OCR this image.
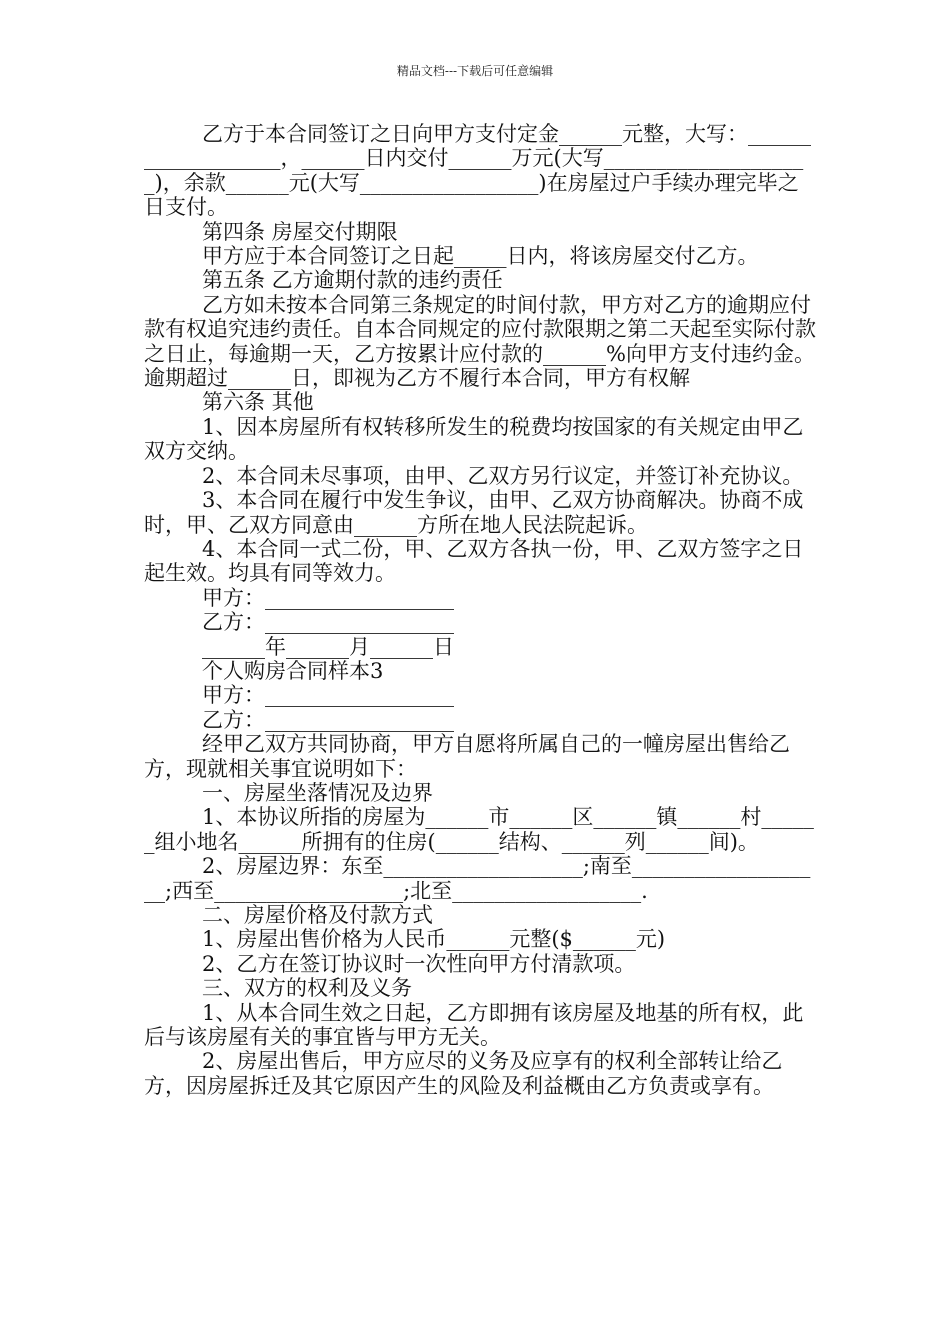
精品文档---下载后可任意编辑

乙方于本合同签订之日向甲方支付定金______元整，大写：___________________，______日内交付______万元(大写____________________)，余款______元(大写_________________)在房屋过户手续办理完毕之日支付。

第四条 房屋交付期限

甲方应于本合同签订之日起_____日内，将该房屋交付乙方。

第五条 乙方逾期付款的违约责任

乙方如未按本合同第三条规定的时间付款，甲方对乙方的逾期应付款有权追究违约责任。自本合同规定的应付款限期之第二天起至实际付款之日止，每逾期一天，乙方按累计应付款的______%向甲方支付违约金。逾期超过______日，即视为乙方不履行本合同，甲方有权解

第六条 其他

1、因本房屋所有权转移所发生的税费均按国家的有关规定由甲乙双方交纳。

2、本合同未尽事项，由甲、乙双方另行议定，并签订补充协议。

3、本合同在履行中发生争议，由甲、乙双方协商解决。协商不成时，甲、乙双方同意由______方所在地人民法院起诉。

4、本合同一式二份，甲、乙双方各执一份，甲、乙双方签字之日起生效。均具有同等效力。

甲方：__________________

乙方：__________________

______年______月______日

个人购房合同样本3

甲方：__________________

乙方：__________________

经甲乙双方共同协商，甲方自愿将所属自己的一幢房屋出售给乙方，现就相关事宜说明如下：

一、房屋坐落情况及边界

1、本协议所指的房屋为______市______区______镇______村______组小地名______所拥有的住房(______结构、______列______间)。

2、房屋边界：东至___________________;南至___________________;西至__________________;北至__________________.

二、房屋价格及付款方式

1、房屋出售价格为人民币______元整($______元)

2、乙方在签订协议时一次性向甲方付清款项。

三、双方的权利及义务

1、从本合同生效之日起，乙方即拥有该房屋及地基的所有权，此后与该房屋有关的事宜皆与甲方无关。

2、房屋出售后，甲方应尽的义务及应享有的权利全部转让给乙方，因房屋拆迁及其它原因产生的风险及利益概由乙方负责或享有。
